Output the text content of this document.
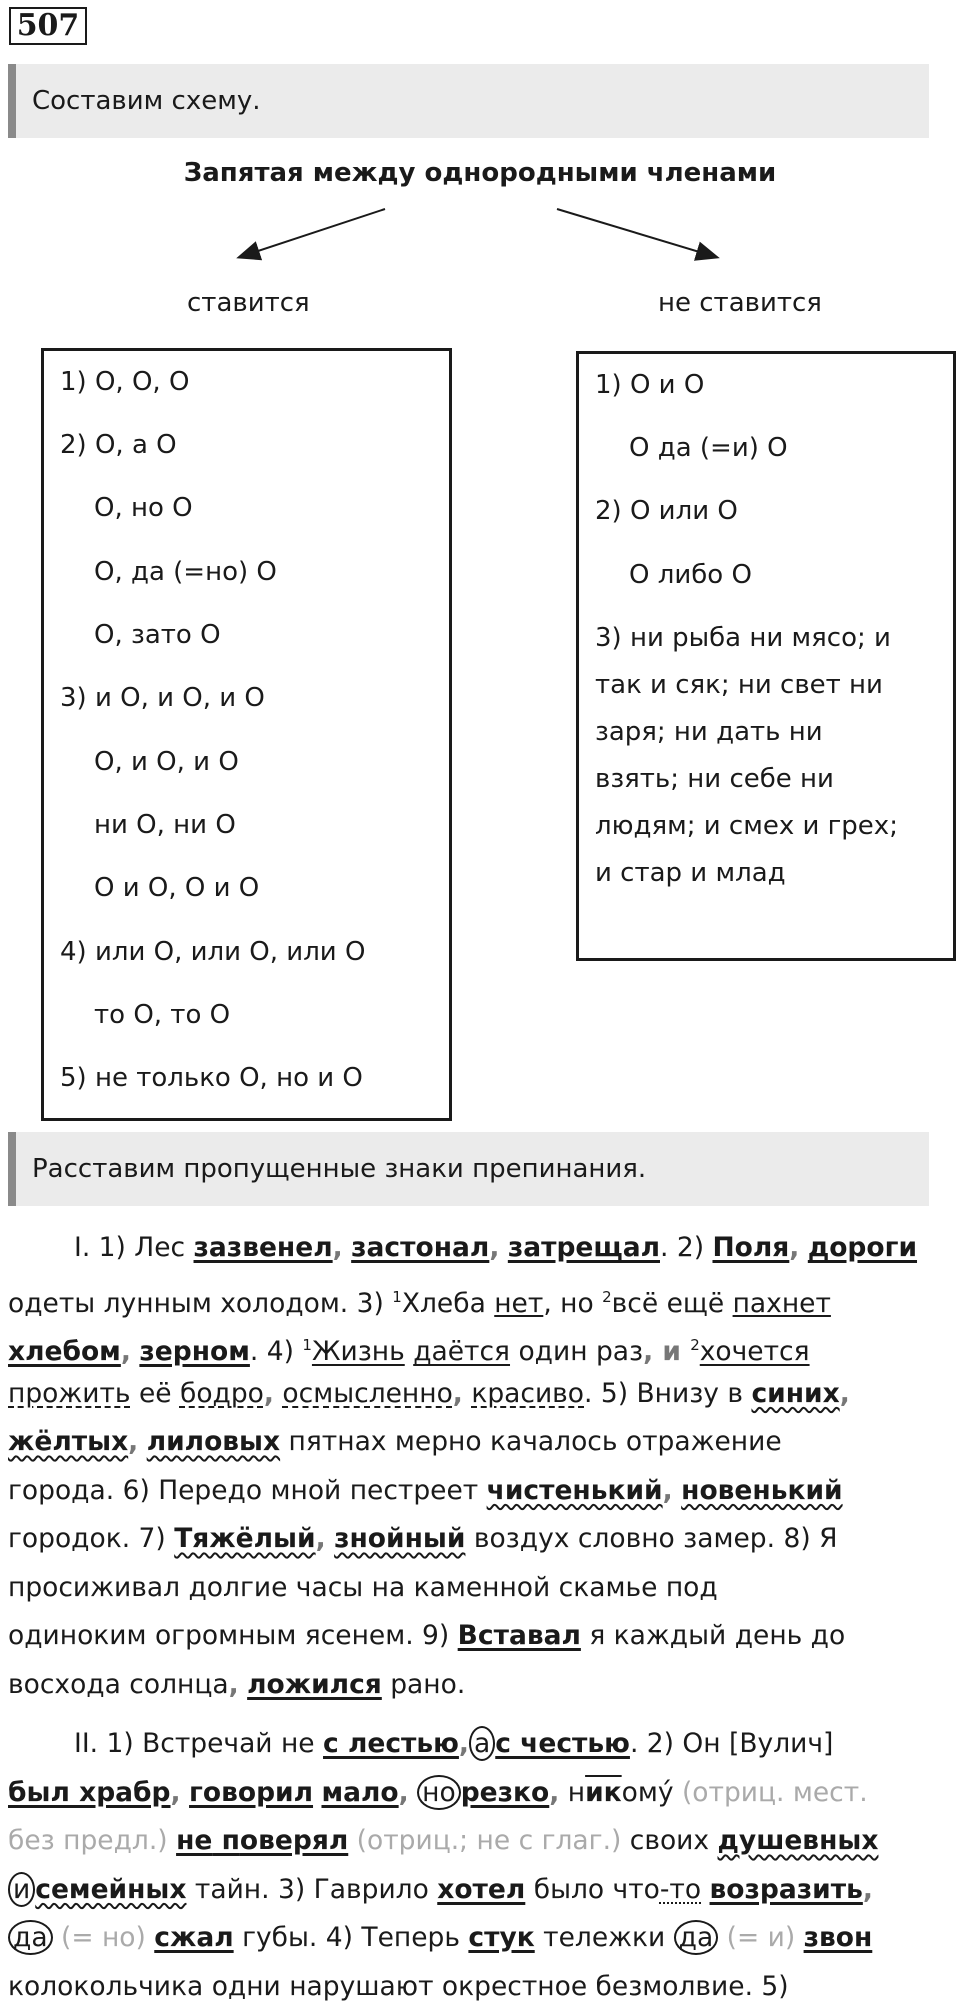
507
Составим схему.
Запятая между однородными членами
ставится	не ставится
1) О, О, О
2) О, а О
О, но О
О, да (=но) О
О, зато О
3) и О, и О, и О
О, и О, и О
ни О, ни О
О и О, О и О
4) или О, или О, или О
то О, то О
5) не только О, но и О
1) О и О
О да (=и) О
2) О или О
О либо О
3) ни рыба ни мясо; и
так и сяк; ни свет ни
заря; ни дать ни
взять; ни себе ни
людям; и смех и грех;
и стар и млад
Расставим пропущенные знаки препинания.
I. 1) Лес зазвенел, застонал, затрещал. 2) Поля, дороги
одеты лунным холодом. 3) $^1$Хлеба нет, но $^2$всё ещё пахнет
хлебом, зерном. 4) $^1$Жизнь даётся один раз, и $^2$хочется
прожить её бодро, осмысленно, красиво. 5) Внизу в синих,
жёлтых, лиловых пятнах мерно качалось отражение
города. 6) Передо мной пестреет чистенький, новенький
городок. 7) Тяжёлый, знойный воздух словно замер. 8) Я
просиживал долгие часы на каменной скамье под
одиноким огромным ясенем. 9) Вставал я каждый день до
восхода солнца, ложился рано.
II. 1) Встречай не с лестью, а с честью. 2) Он [Вулич]
был храбр, говорил мало, но резко, никому́ (отриц. мест.
без предл.) не поверял (отриц.; не с глаг.) своих душевных
и семейных тайн. 3) Гаврило хотел было что-то возразить,
да (= но) сжал губы. 4) Теперь стук тележки да (= и) звон
колокольчика одни нарушают окрестное безмолвие. 5)
